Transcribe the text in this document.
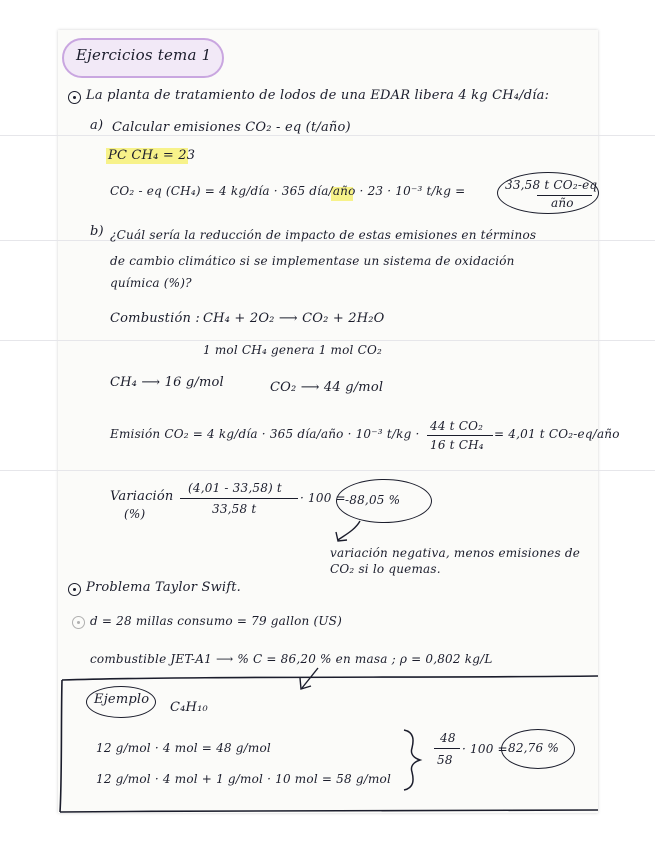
Ejercicios tema 1
La planta de tratamiento de lodos de una EDAR libera 4 kg CH₄/día:
a) Calcular emisiones CO₂ - eq (t/año)
PC CH₄ = 23
CO₂ - eq (CH₄) = 4 kg/día · 365 día/año · 23 · 10⁻³ t/kg =	33,58 t CO₂-eq
año
b) ¿Cuál sería la reducción de impacto de estas emisiones en términos
de cambio climático si se implementase un sistema de oxidación
química (%)?
Combustión : CH₄ + 2O₂ ⟶ CO₂ + 2H₂O
1 mol CH₄ genera 1 mol CO₂
CH₄ ⟶ 16 g/mol	CO₂ ⟶ 44 g/mol
Emisión CO₂ = 4 kg/día · 365 día/año · 10⁻³ t/kg ·
44 t CO₂
16 t CH₄
= 4,01 t CO₂-eq/año
Variación
(%)
(4,01 - 33,58) t
33,58 t
· 100 = -88,05 %
variación negativa, menos emisiones de
CO₂ si lo quemas.
Problema Taylor Swift.
d = 28 millas consumo = 79 gallon (US)
combustible JET-A1 ⟶ % C = 86,20 % en masa ; ρ = 0,802 kg/L
Ejemplo
C₄H₁₀
12 g/mol · 4 mol = 48 g/mol
12 g/mol · 4 mol + 1 g/mol · 10 mol = 58 g/mol
48
58
· 100 = 82,76 %
